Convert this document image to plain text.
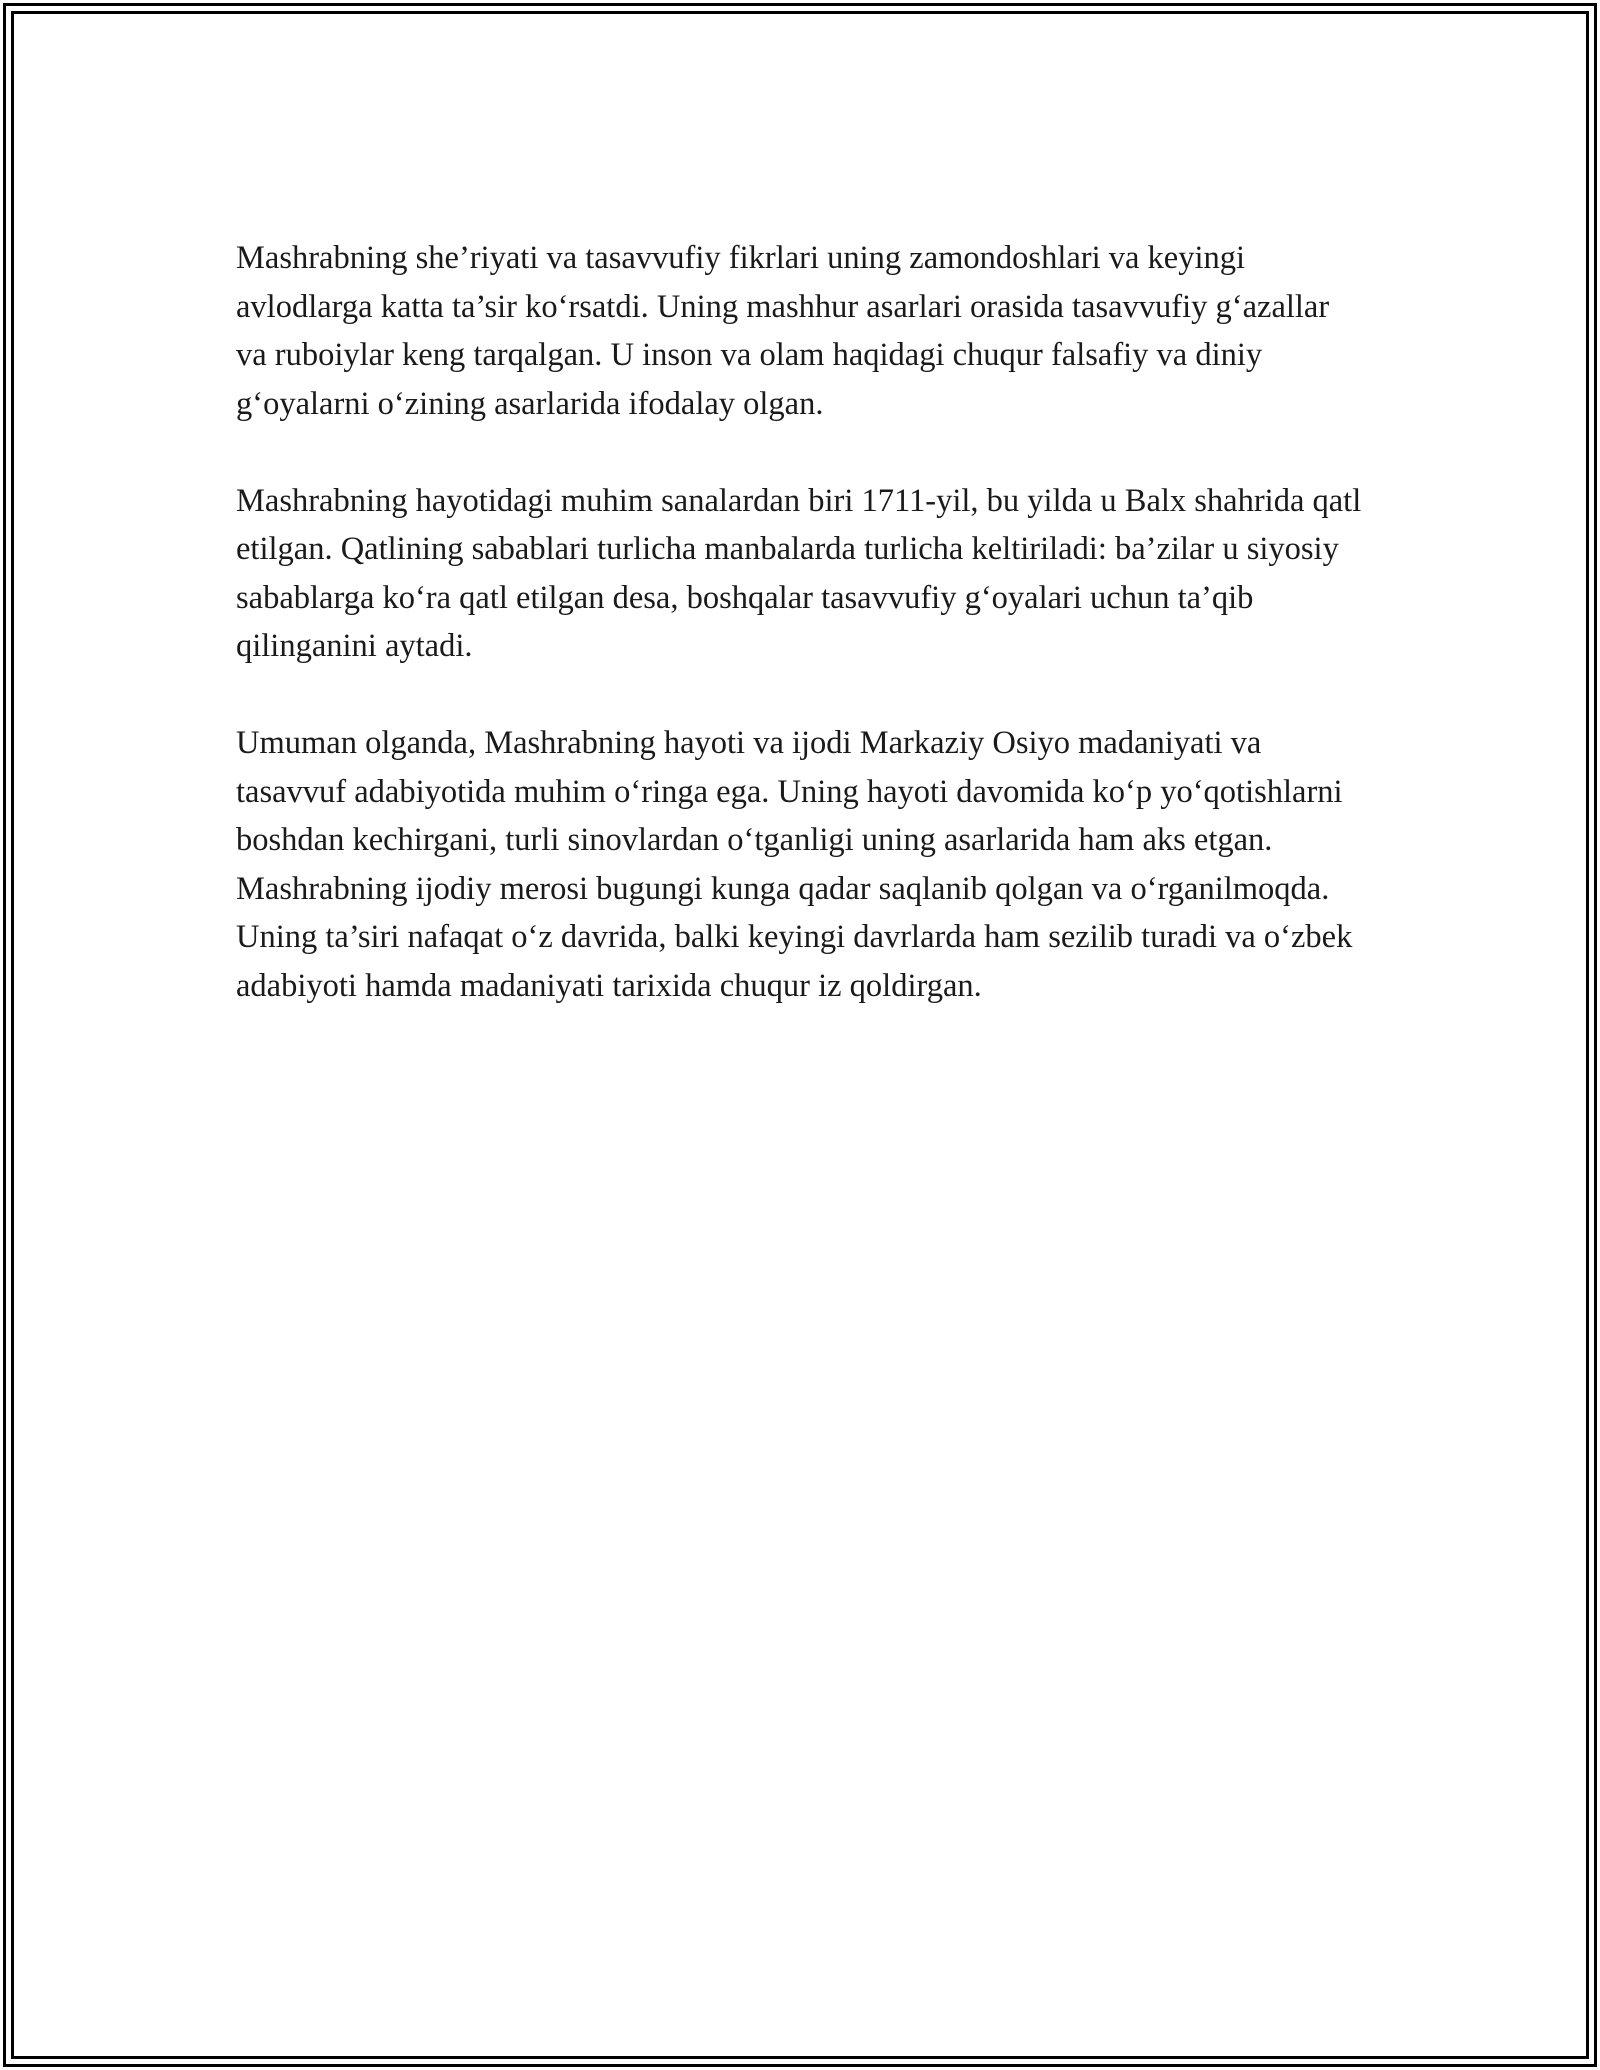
Mashrabning she’riyati va tasavvufiy fikrlari uning zamondoshlari va keyingi avlodlarga katta ta’sir ko‘rsatdi. Uning mashhur asarlari orasida tasavvufiy g‘azallar va ruboiylar keng tarqalgan. U inson va olam haqidagi chuqur falsafiy va diniy g‘oyalarni o‘zining asarlarida ifodalay olgan.

Mashrabning hayotidagi muhim sanalardan biri 1711-yil, bu yilda u Balx shahrida qatl etilgan. Qatlining sabablari turlicha manbalarda turlicha keltiriladi: ba’zilar u siyosiy sabablarga ko‘ra qatl etilgan desa, boshqalar tasavvufiy g‘oyalari uchun ta’qib qilinganini aytadi.

Umuman olganda, Mashrabning hayoti va ijodi Markaziy Osiyo madaniyati va tasavvuf adabiyotida muhim o‘ringa ega. Uning hayoti davomida ko‘p yo‘qotishlarni boshdan kechirgani, turli sinovlardan o‘tganligi uning asarlarida ham aks etgan. Mashrabning ijodiy merosi bugungi kunga qadar saqlanib qolgan va o‘rganilmoqda. Uning ta’siri nafaqat o‘z davrida, balki keyingi davrlarda ham sezilib turadi va o‘zbek adabiyoti hamda madaniyati tarixida chuqur iz qoldirgan.
